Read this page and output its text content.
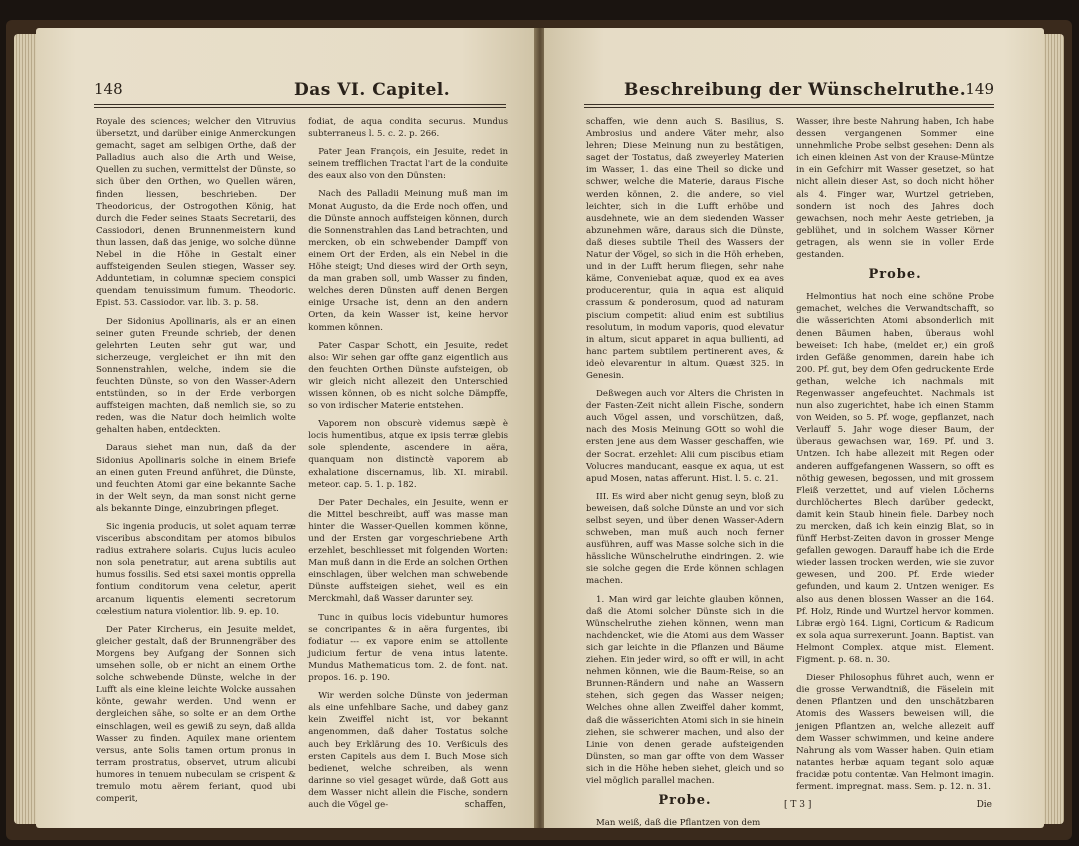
148	Das VI. Capitel.

Royale des sciences; welcher den Vitruvius übersetzt, und darüber einige Anmerckungen gemacht, saget am selbigen Orthe, daß der Palladius auch also die Arth und Weise, Quellen zu suchen, vermittelst der Dünste, so sich über den Orthen, wo Quellen wären, finden liessen, beschrieben. Der Theodoricus, der Ostrogothen König, hat durch die Feder seines Staats Secretarii, des Cassiodori, denen Brunnenmeistern kund thun lassen, daß das jenige, wo solche dünne Nebel in die Höhe in Gestalt einer auffsteigenden Seulen stiegen, Wasser sey. Adduntetiam, in columnæ speciem conspici quendam tenuissimum fumum. Theodoric. Epist. 53. Cassiodor. var. lib. 3. p. 58.

Der Sidonius Apollinaris, als er an einen seiner guten Freunde schrieb, der denen gelehrten Leuten sehr gut war, und sicherzeuge, vergleichet er ihn mit den Sonnenstrahlen, welche, indem sie die feuchten Dünste, so von den Wasser-Adern entstünden, so in der Erde verborgen auffsteigen machten, daß nemlich sie, so zu reden, was die Natur doch heimlich wolte gehalten haben, entdeckten.

Daraus siehet man nun, daß da der Sidonius Apollinaris solche in einem Briefe an einen guten Freund anführet, die Dünste, und feuchten Atomi gar eine bekannte Sache in der Welt seyn, da man sonst nicht gerne als bekannte Dinge, einzubringen pfleget.

Sic ingenia producis, ut solet aquam terræ visceribus absconditam per atomos bibulos radius extrahere solaris. Cujus lucis aculeo non sola penetratur, aut arena subtilis aut humus fossilis. Sed etsi saxei montis opprella fontium conditorum vena celetur, aperit arcanum liquentis elementi secretorum cœlestium natura violentior. lib. 9. ep. 10.

Der Pater Kircherus, ein Jesuite meldet, gleicher gestalt, daß der Brunnengräber des Morgens bey Aufgang der Sonnen sich umsehen solle, ob er nicht an einem Orthe solche schwebende Dünste, welche in der Lufft als eine kleine leichte Wolcke aussahen könte, gewahr werden. Und wenn er dergleichen sähe, so solte er an dem Orthe einschlagen, weil es gewiß zu seyn, daß allda Wasser zu finden. Aquilex mane orientem versus, ante Solis tamen ortum pronus in terram prostratus, observet, utrum alicubi humores in tenuem nubeculam se crispent & tremulo motu aërem feriant, quod ubi comperit,

fodiat, de aqua condita securus. Mundus subterraneus l. 5. c. 2. p. 266.

Pater Jean François, ein Jesuite, redet in seinem trefflichen Tractat l'art de la conduite des eaux also von den Dünsten:

Nach des Palladii Meinung muß man im Monat Augusto, da die Erde noch offen, und die Dünste annoch auffsteigen können, durch die Sonnenstrahlen das Land betrachten, und mercken, ob ein schwebender Dampff von einem Ort der Erden, als ein Nebel in die Höhe steigt; Und dieses wird der Orth seyn, da man graben soll, umb Wasser zu finden, welches deren Dünsten auff denen Bergen einige Ursache ist, denn an den andern Orten, da kein Wasser ist, keine hervor kommen können.

Pater Caspar Schott, ein Jesuite, redet also: Wir sehen gar offte ganz eigentlich aus den feuchten Orthen Dünste aufsteigen, ob wir gleich nicht allezeit den Unterschied wissen können, ob es nicht solche Dämpffe, so von irdischer Materie entstehen.

Vaporem non obscurè videmus sæpè è locis humentibus, atque ex ipsis terræ glebis sole splendente, ascendere in aëra, quanquam non distinctè vaporem ab exhalatione discernamus, lib. XI. mirabil. meteor. cap. 5. 1. p. 182.

Der Pater Dechales, ein Jesuite, wenn er die Mittel beschreibt, auff was masse man hinter die Wasser-Quellen kommen könne, und der Ersten gar vorgeschriebene Arth erzehlet, beschliesset mit folgenden Worten: Man muß dann in die Erde an solchen Orthen einschlagen, über welchen man schwebende Dünste auffsteigen siehet, weil es ein Merckmahl, daß Wasser darunter sey.

Tunc in quibus locis videbuntur humores se concripantes & in aëra furgentes, ibi fodiatur --- ex vapore enim se attollente judicium fertur de vena intus latente. Mundus Mathematicus tom. 2. de font. nat. propos. 16. p. 190.

Wir werden solche Dünste von jederman als eine unfehlbare Sache, und dabey ganz kein Zweiffel nicht ist, vor bekannt angenommen, daß daher Tostatus solche auch bey Erklärung des 10. Verßiculs des ersten Capitels aus dem I. Buch Mose sich bedienet, welche schreiben, als wenn darinne so viel gesaget würde, daß Gott aus dem Wasser nicht allein die Fische, sondern auch die Vögel ge-	schaffen,
Beschreibung der Wünschelruthe. 149

schaffen, wie denn auch S. Basilius, S. Ambrosius und andere Väter mehr, also lehren; Diese Meinung nun zu bestätigen, saget der Tostatus, daß zweyerley Materien im Wasser, 1. das eine Theil so dicke und schwer, welche die Materie, daraus Fische werden können, 2. die andere, so viel leichter, sich in die Lufft erhöbe und ausdehnete, wie an dem siedenden Wasser abzunehmen wäre, daraus sich die Dünste, daß dieses subtile Theil des Wassers der Natur der Vögel, so sich in die Höh erheben, und in der Lufft herum fliegen, sehr nahe käme, Conveniebat aquæ, quod ex ea aves producerentur, quia in aqua est aliquid crassum & ponderosum, quod ad naturam piscium competit: aliud enim est subtilius resolutum, in modum vaporis, quod elevatur in altum, sicut apparet in aqua bullienti, ad hanc partem subtilem pertinerent aves, & ideò elevarentur in altum. Quæst 325. in Genesin.

Deßwegen auch vor Alters die Christen in der Fasten-Zeit nicht allein Fische, sondern auch Vögel assen, und vorschützen, daß, nach des Mosis Meinung GOtt so wohl die ersten jene aus dem Wasser geschaffen, wie der Socrat. erzehlet: Alii cum piscibus etiam Volucres manducant, easque ex aqua, ut est apud Mosen, natas afferunt. Hist. l. 5. c. 21.

III. Es wird aber nicht genug seyn, bloß zu beweisen, daß solche Dünste an und vor sich selbst seyen, und über denen Wasser-Adern schweben, man muß auch noch ferner ausführen, auff was Masse solche sich in die hässliche Wünschelruthe eindringen. 2. wie sie solche gegen die Erde können schlagen machen.

1. Man wird gar leichte glauben können, daß die Atomi solcher Dünste sich in die Wünschelruthe ziehen können, wenn man nachdencket, wie die Atomi aus dem Wasser sich gar leichte in die Pflanzen und Bäume ziehen. Ein jeder wird, so offt er will, in acht nehmen können, wie die Baum-Reise, so an Brunnen-Rändern und nahe an Wassern stehen, sich gegen das Wasser neigen; Welches ohne allen Zweiffel daher kommt, daß die wässerichten Atomi sich in sie hinein ziehen, sie schwerer machen, und also der Linie von denen gerade aufsteigenden Dünsten, so man gar offte von dem Wasser sich in die Höhe heben siehet, gleich und so viel möglich parallel machen.

Probe.

Man weiß, daß die Pflantzen von dem

Wasser, ihre beste Nahrung haben, Ich habe dessen vergangenen Sommer eine unnehmliche Probe selbst gesehen: Denn als ich einen kleinen Ast von der Krause-Müntze in ein Gefchirr mit Wasser gesetzet, so hat nicht allein dieser Ast, so doch nicht höher als 4. Finger war, Wurtzel getrieben, sondern ist noch des Jahres doch gewachsen, noch mehr Aeste getrieben, ja geblühet, und in solchem Wasser Körner getragen, als wenn sie in voller Erde gestanden.

Probe.

Helmontius hat noch eine schöne Probe gemachet, welches die Verwandtschafft, so die wässerichten Atomi absonderlich mit denen Bäumen haben, überaus wohl beweiset: Ich habe, (meldet er,) ein groß irden Gefäße genommen, darein habe ich 200. Pf. gut, bey dem Ofen gedruckente Erde gethan, welche ich nachmals mit Regenwasser angefeuchtet. Nachmals ist nun also zugerichtet, habe ich einen Stamm von Weiden, so 5. Pf. woge, gepflanzet, nach Verlauff 5. Jahr woge dieser Baum, der überaus gewachsen war, 169. Pf. und 3. Untzen. Ich habe allezeit mit Regen oder anderen auffgefangenen Wassern, so offt es nöthig gewesen, begossen, und mit grossem Fleiß verzettet, und auf vielen Löcherns durchlöchertes Blech darüber gedeckt, damit kein Staub hinein fiele. Darbey noch zu mercken, daß ich kein einzig Blat, so in fünff Herbst-Zeiten davon in grosser Menge gefallen gewogen. Darauff habe ich die Erde wieder lassen trocken werden, wie sie zuvor gewesen, und 200. Pf. Erde wieder gefunden, und kaum 2. Untzen weniger. Es also aus denen blossen Wasser an die 164. Pf. Holz, Rinde und Wurtzel hervor kommen. Libræ ergò 164. Ligni, Corticum & Radicum ex sola aqua surrexerunt. Joann. Baptist. van Helmont Complex. atque mist. Element. Figment. p. 68. n. 30.

Dieser Philosophus führet auch, wenn er die grosse Verwandtniß, die Fäselein mit denen Pflantzen und den unschätzbaren Atomis des Wassers beweisen will, die jenigen Pflantzen an, welche allezeit auff dem Wasser schwimmen, und keine andere Nahrung als vom Wasser haben. Quin etiam natantes herbæ aquam tegant solo aquæ fracidæ potu contentæ. Van Helmont imagin. ferment. impregnat. mass. Sem. p. 12. n. 31.

[ T 3 ]	Die
